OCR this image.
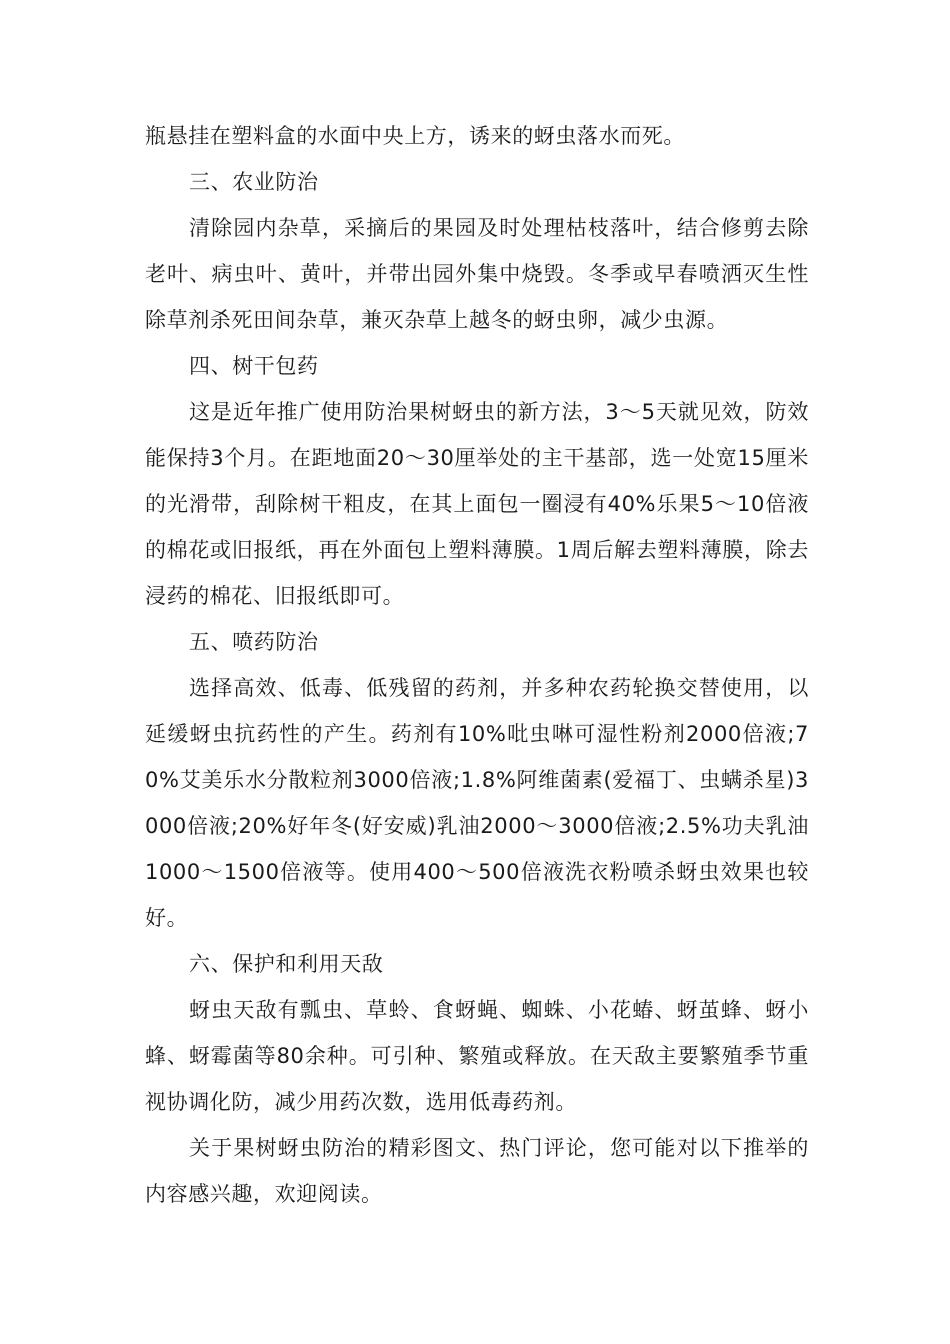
瓶悬挂在塑料盒的水面中央上方，诱来的蚜虫落水而死。

三、农业防治

清除园内杂草，采摘后的果园及时处理枯枝落叶，结合修剪去除老叶、病虫叶、黄叶，并带出园外集中烧毁。冬季或早春喷洒灭生性除草剂杀死田间杂草，兼灭杂草上越冬的蚜虫卵，减少虫源。

四、树干包药

这是近年推广使用防治果树蚜虫的新方法，3～5天就见效，防效能保持3个月。在距地面20～30厘举处的主干基部，选一处宽15厘米的光滑带，刮除树干粗皮，在其上面包一圈浸有40%乐果5～10倍液的棉花或旧报纸，再在外面包上塑料薄膜。1周后解去塑料薄膜，除去浸药的棉花、旧报纸即可。

五、喷药防治

选择高效、低毒、低残留的药剂，并多种农药轮换交替使用，以延缓蚜虫抗药性的产生。药剂有10%吡虫啉可湿性粉剂2000倍液;70%艾美乐水分散粒剂3000倍液;1.8%阿维菌素(爱福丁、虫螨杀星)3000倍液;20%好年冬(好安威)乳油2000～3000倍液;2.5%功夫乳油1000～1500倍液等。使用400～500倍液洗衣粉喷杀蚜虫效果也较好。

六、保护和利用天敌

蚜虫天敌有瓢虫、草蛉、食蚜蝇、蜘蛛、小花蝽、蚜茧蜂、蚜小蜂、蚜霉菌等80余种。可引种、繁殖或释放。在天敌主要繁殖季节重视协调化防，减少用药次数，选用低毒药剂。

关于果树蚜虫防治的精彩图文、热门评论，您可能对以下推举的内容感兴趣，欢迎阅读。
